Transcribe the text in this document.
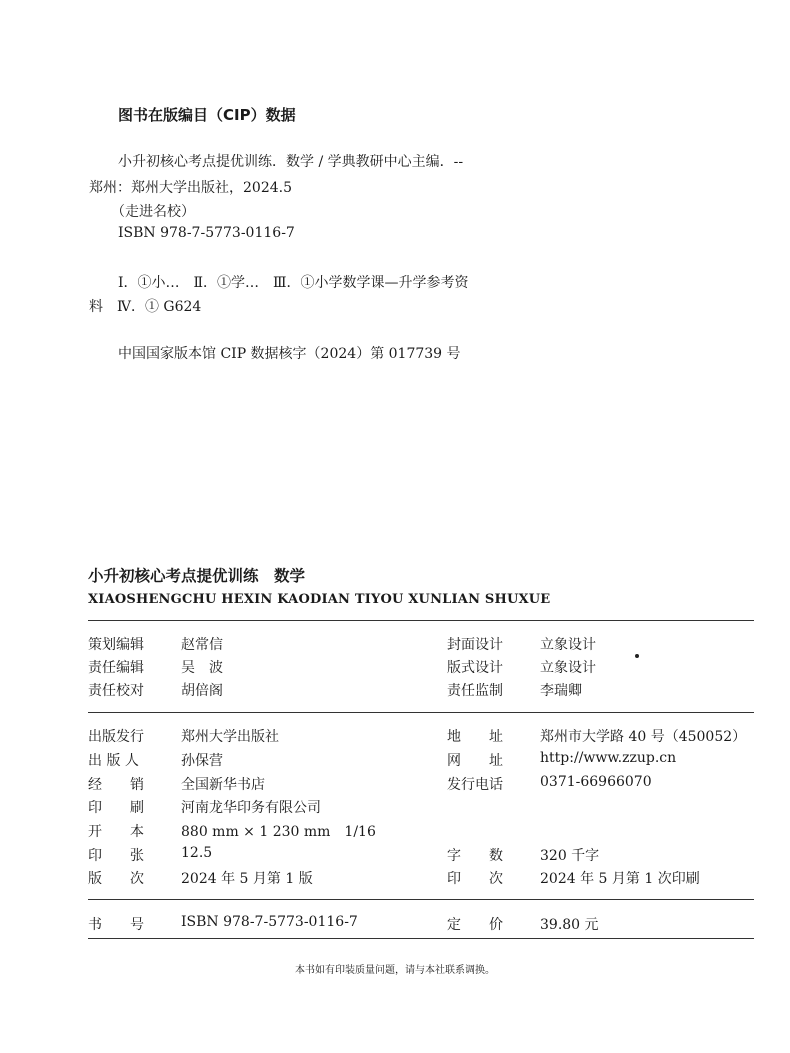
图书在版编目（CIP）数据
小升初核心考点提优训练．数学 / 学典教研中心主编．--
郑州：郑州大学出版社，2024.5
（走进名校）
ISBN 978-7-5773-0116-7
Ⅰ．①小…　Ⅱ．①学…　Ⅲ．①小学数学课—升学参考资
料　Ⅳ．① G624
中国国家版本馆 CIP 数据核字（2024）第 017739 号
小升初核心考点提优训练　数学
XIAOSHENGCHU HEXIN KAODIAN TIYOU XUNLIAN SHUXUE
策划编辑	赵常信	封面设计	立象设计
责任编辑	吴　波	版式设计	立象设计
责任校对	胡倍阁	责任监制	李瑞卿
出版发行	郑州大学出版社	地　　址	郑州市大学路 40 号（450052）
出 版 人	孙保营	网　　址	http://www.zzup.cn
经　　销	全国新华书店	发行电话	0371-66966070
印　　刷	河南龙华印务有限公司
开　　本	880 mm × 1 230 mm　1/16
印　　张	12.5	字　　数	320 千字
版　　次	2024 年 5 月第 1 版	印　　次	2024 年 5 月第 1 次印刷
书　　号	ISBN 978-7-5773-0116-7	定　　价	39.80 元
本书如有印装质量问题，请与本社联系调换。
